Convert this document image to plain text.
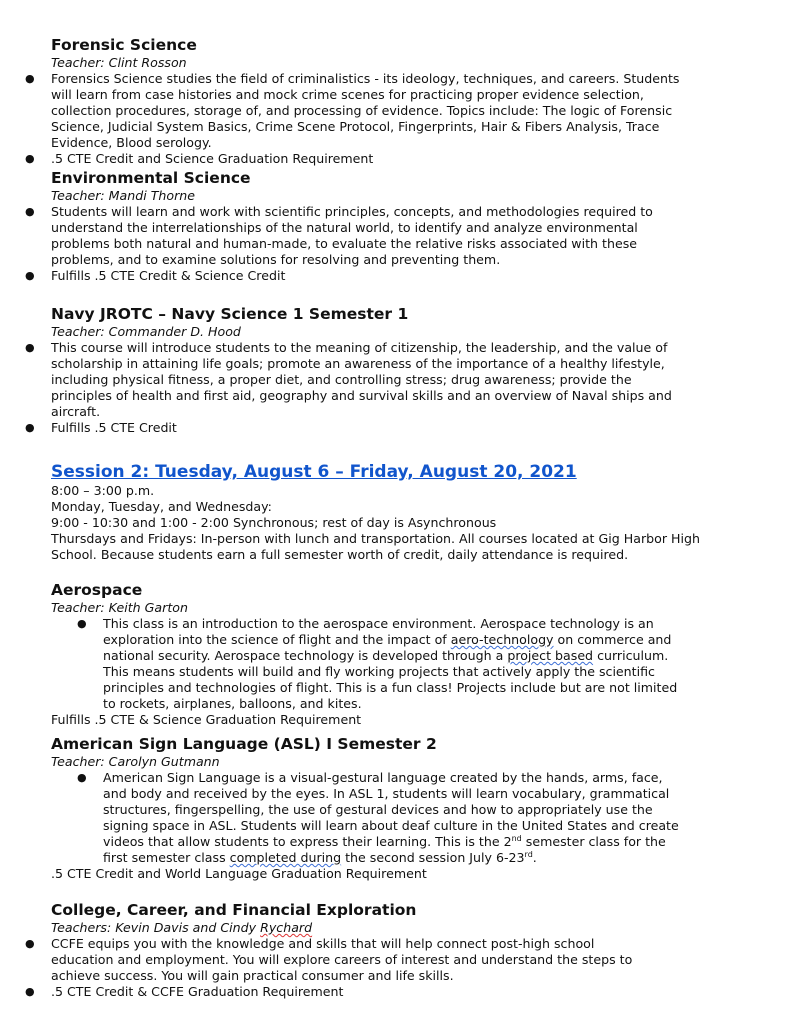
Forensic Science

Teacher: Clint Rosson

● Forensics Science studies the field of criminalistics - its ideology, techniques, and careers. Students will learn from case histories and mock crime scenes for practicing proper evidence selection, collection procedures, storage of, and processing of evidence. Topics include: The logic of Forensic Science, Judicial System Basics, Crime Scene Protocol, Fingerprints, Hair & Fibers Analysis, Trace Evidence, Blood serology.

● .5 CTE Credit and Science Graduation Requirement

Environmental Science

Teacher: Mandi Thorne

● Students will learn and work with scientific principles, concepts, and methodologies required to understand the interrelationships of the natural world, to identify and analyze environmental problems both natural and human-made, to evaluate the relative risks associated with these problems, and to examine solutions for resolving and preventing them.

● Fulfills .5 CTE Credit & Science Credit

Navy JROTC – Navy Science 1 Semester 1

Teacher: Commander D. Hood

● This course will introduce students to the meaning of citizenship, the leadership, and the value of scholarship in attaining life goals; promote an awareness of the importance of a healthy lifestyle, including physical fitness, a proper diet, and controlling stress; drug awareness; provide the principles of health and first aid, geography and survival skills and an overview of Naval ships and aircraft.

● Fulfills .5 CTE Credit

Session 2: Tuesday, August 6 – Friday, August 20, 2021

8:00 – 3:00 p.m.

Monday, Tuesday, and Wednesday:

9:00 - 10:30 and 1:00 - 2:00 Synchronous; rest of day is Asynchronous

Thursdays and Fridays: In-person with lunch and transportation. All courses located at Gig Harbor High School. Because students earn a full semester worth of credit, daily attendance is required.

Aerospace

Teacher: Keith Garton

● This class is an introduction to the aerospace environment. Aerospace technology is an exploration into the science of flight and the impact of aero-technology on commerce and national security. Aerospace technology is developed through a project based curriculum. This means students will build and fly working projects that actively apply the scientific principles and technologies of flight. This is a fun class! Projects include but are not limited to rockets, airplanes, balloons, and kites.

Fulfills .5 CTE & Science Graduation Requirement

American Sign Language (ASL) I Semester 2

Teacher: Carolyn Gutmann

● American Sign Language is a visual-gestural language created by the hands, arms, face, and body and received by the eyes. In ASL 1, students will learn vocabulary, grammatical structures, fingerspelling, the use of gestural devices and how to appropriately use the signing space in ASL. Students will learn about deaf culture in the United States and create videos that allow students to express their learning. This is the 2nd semester class for the first semester class completed during the second session July 6-23rd.

.5 CTE Credit and World Language Graduation Requirement

College, Career, and Financial Exploration

Teachers: Kevin Davis and Cindy Rychard

● CCFE equips you with the knowledge and skills that will help connect post-high school education and employment. You will explore careers of interest and understand the steps to achieve success. You will gain practical consumer and life skills.

● .5 CTE Credit & CCFE Graduation Requirement
